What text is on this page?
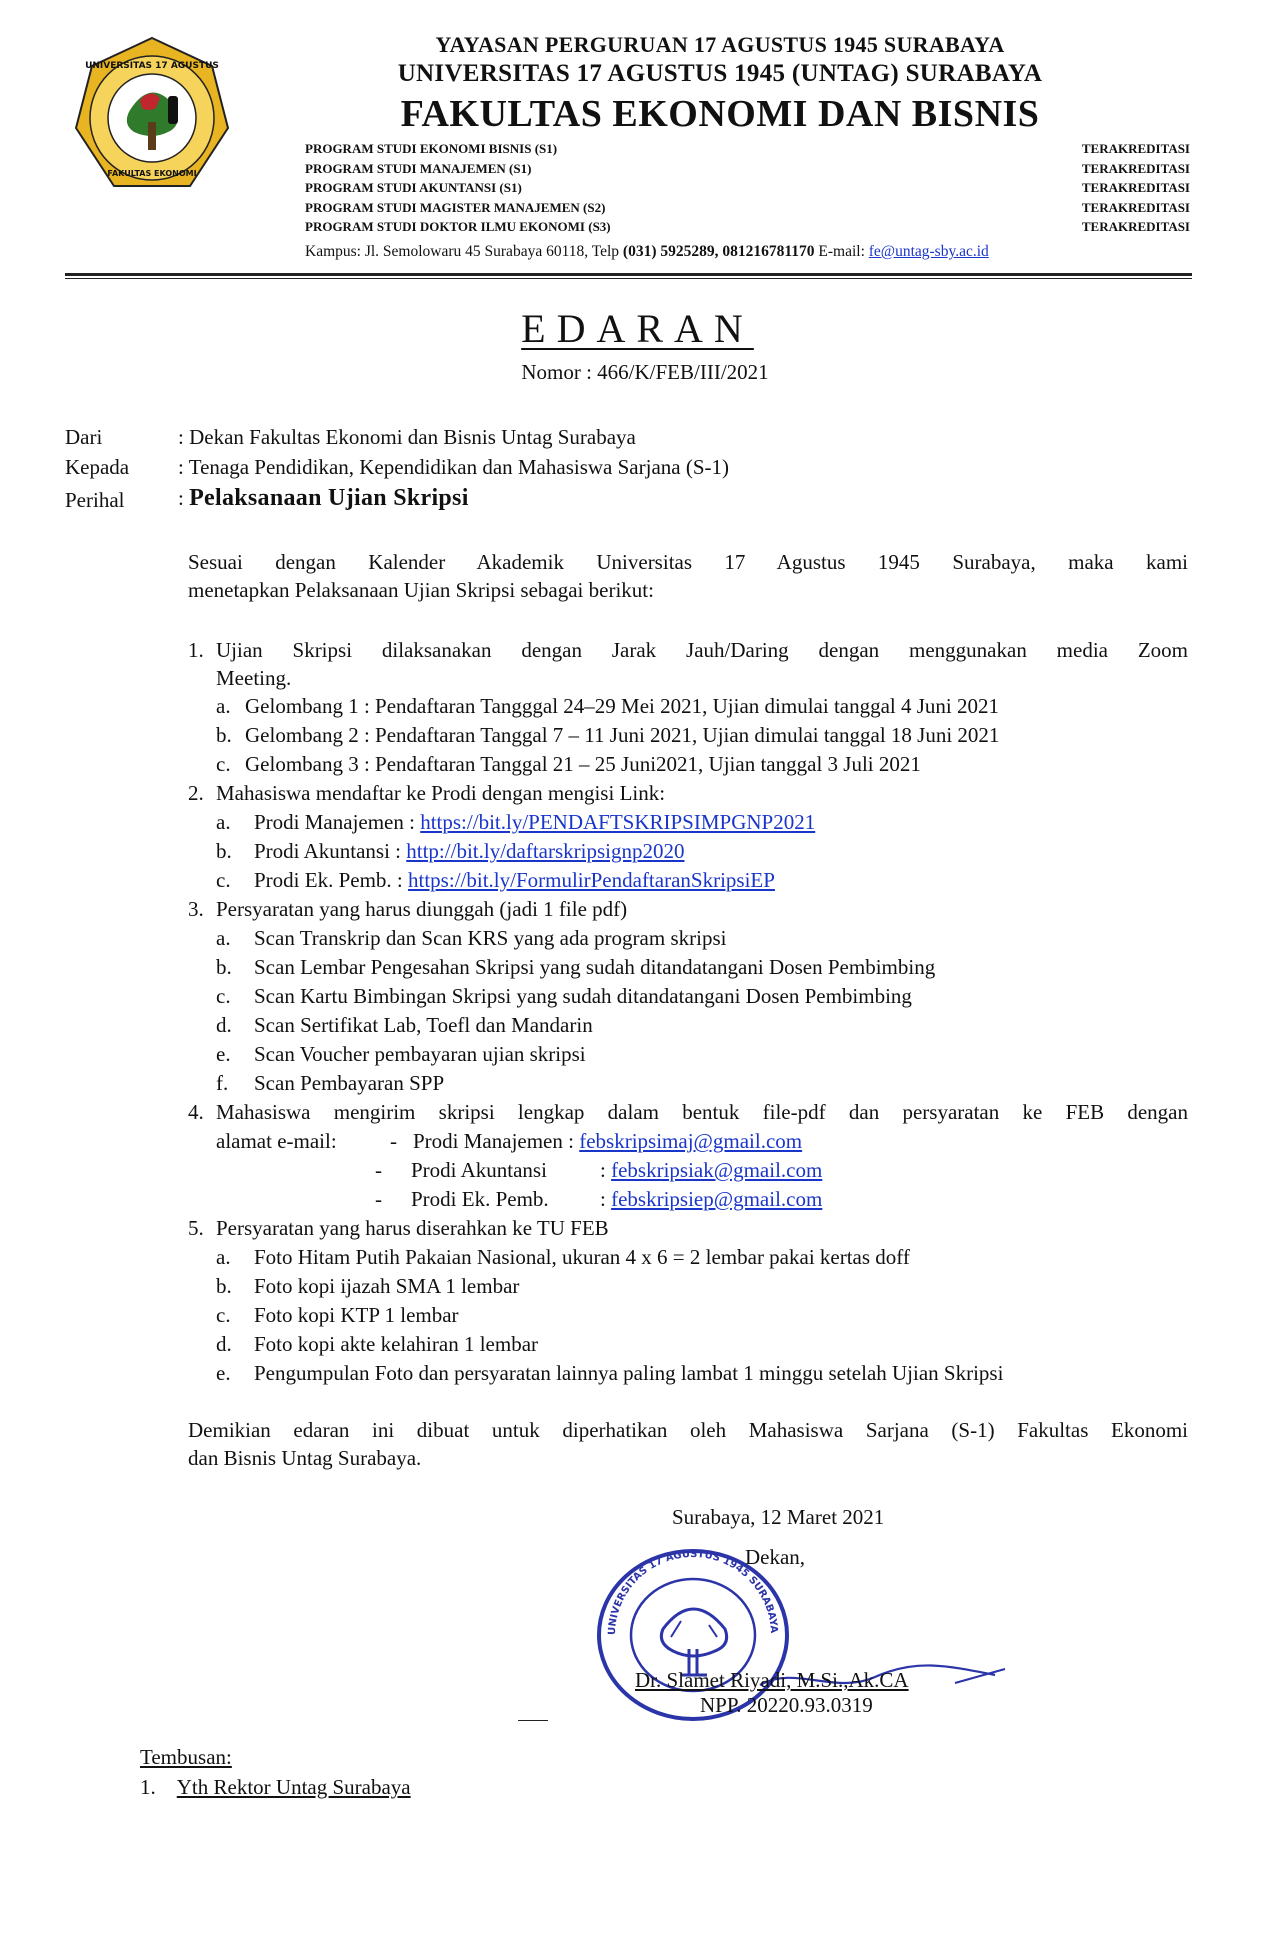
UNIVERSITAS 17 AGUSTUS
FAKULTAS EKONOMI
YAYASAN PERGURUAN 17 AGUSTUS 1945 SURABAYA
UNIVERSITAS 17 AGUSTUS 1945 (UNTAG) SURABAYA
FAKULTAS EKONOMI DAN BISNIS
PROGRAM STUDI EKONOMI BISNIS (S1)	TERAKREDITASI
PROGRAM STUDI MANAJEMEN (S1)	TERAKREDITASI
PROGRAM STUDI AKUNTANSI (S1)	TERAKREDITASI
PROGRAM STUDI MAGISTER MANAJEMEN (S2)	TERAKREDITASI
PROGRAM STUDI DOKTOR ILMU EKONOMI (S3)	TERAKREDITASI
Kampus: Jl. Semolowaru 45 Surabaya 60118, Telp (031) 5925289, 081216781170 E-mail: fe@untag-sby.ac.id
EDARAN
Nomor : 466/K/FEB/III/2021
Dari	: Dekan Fakultas Ekonomi dan Bisnis Untag Surabaya
Kepada : Tenaga Pendidikan, Kependidikan dan Mahasiswa Sarjana (S-1)
Perihal	: Pelaksanaan Ujian Skripsi
Sesuai dengan Kalender Akademik Universitas 17 Agustus 1945 Surabaya, maka kami
menetapkan Pelaksanaan Ujian Skripsi sebagai berikut:
1. Ujian Skripsi dilaksanakan dengan Jarak Jauh/Daring dengan menggunakan media Zoom
Meeting.
a. Gelombang 1 : Pendaftaran Tangggal 24–29 Mei 2021, Ujian dimulai tanggal 4 Juni 2021
b. Gelombang 2 : Pendaftaran Tanggal 7 – 11 Juni 2021, Ujian dimulai tanggal 18 Juni 2021
c. Gelombang 3 : Pendaftaran Tanggal 21 – 25 Juni2021, Ujian tanggal 3 Juli 2021
2. Mahasiswa mendaftar ke Prodi dengan mengisi Link:
a. Prodi Manajemen : https://bit.ly/PENDAFTSKRIPSIMPGNP2021
b. Prodi Akuntansi : http://bit.ly/daftarskripsignp2020
c. Prodi Ek. Pemb. : https://bit.ly/FormulirPendaftaranSkripsiEP
3. Persyaratan yang harus diunggah (jadi 1 file pdf)
a. Scan Transkrip dan Scan KRS yang ada program skripsi
b. Scan Lembar Pengesahan Skripsi yang sudah ditandatangani Dosen Pembimbing
c. Scan Kartu Bimbingan Skripsi yang sudah ditandatangani Dosen Pembimbing
d. Scan Sertifikat Lab, Toefl dan Mandarin
e. Scan Voucher pembayaran ujian skripsi
f. Scan Pembayaran SPP
4. Mahasiswa mengirim skripsi lengkap dalam bentuk file-pdf dan persyaratan ke FEB dengan
alamat e-mail:	- Prodi Manajemen : febskripsimaj@gmail.com
- Prodi Akuntansi	: febskripsiak@gmail.com
- Prodi Ek. Pemb. : febskripsiep@gmail.com
5. Persyaratan yang harus diserahkan ke TU FEB
a. Foto Hitam Putih Pakaian Nasional, ukuran 4 x 6 = 2 lembar pakai kertas doff
b. Foto kopi ijazah SMA 1 lembar
c. Foto kopi KTP 1 lembar
d. Foto kopi akte kelahiran 1 lembar
e. Pengumpulan Foto dan persyaratan lainnya paling lambat 1 minggu setelah Ujian Skripsi
Demikian edaran ini dibuat untuk diperhatikan oleh Mahasiswa Sarjana (S-1) Fakultas Ekonomi
dan Bisnis Untag Surabaya.
Surabaya, 12 Maret 2021
UNIVERSITAS 17 AGUSTUS 1945 SURABAYA
Dekan,
Dr. Slamet Riyadi, M.Si.,Ak.CA
NPP. 20220.93.0319
Tembusan:
1. Yth Rektor Untag Surabaya
